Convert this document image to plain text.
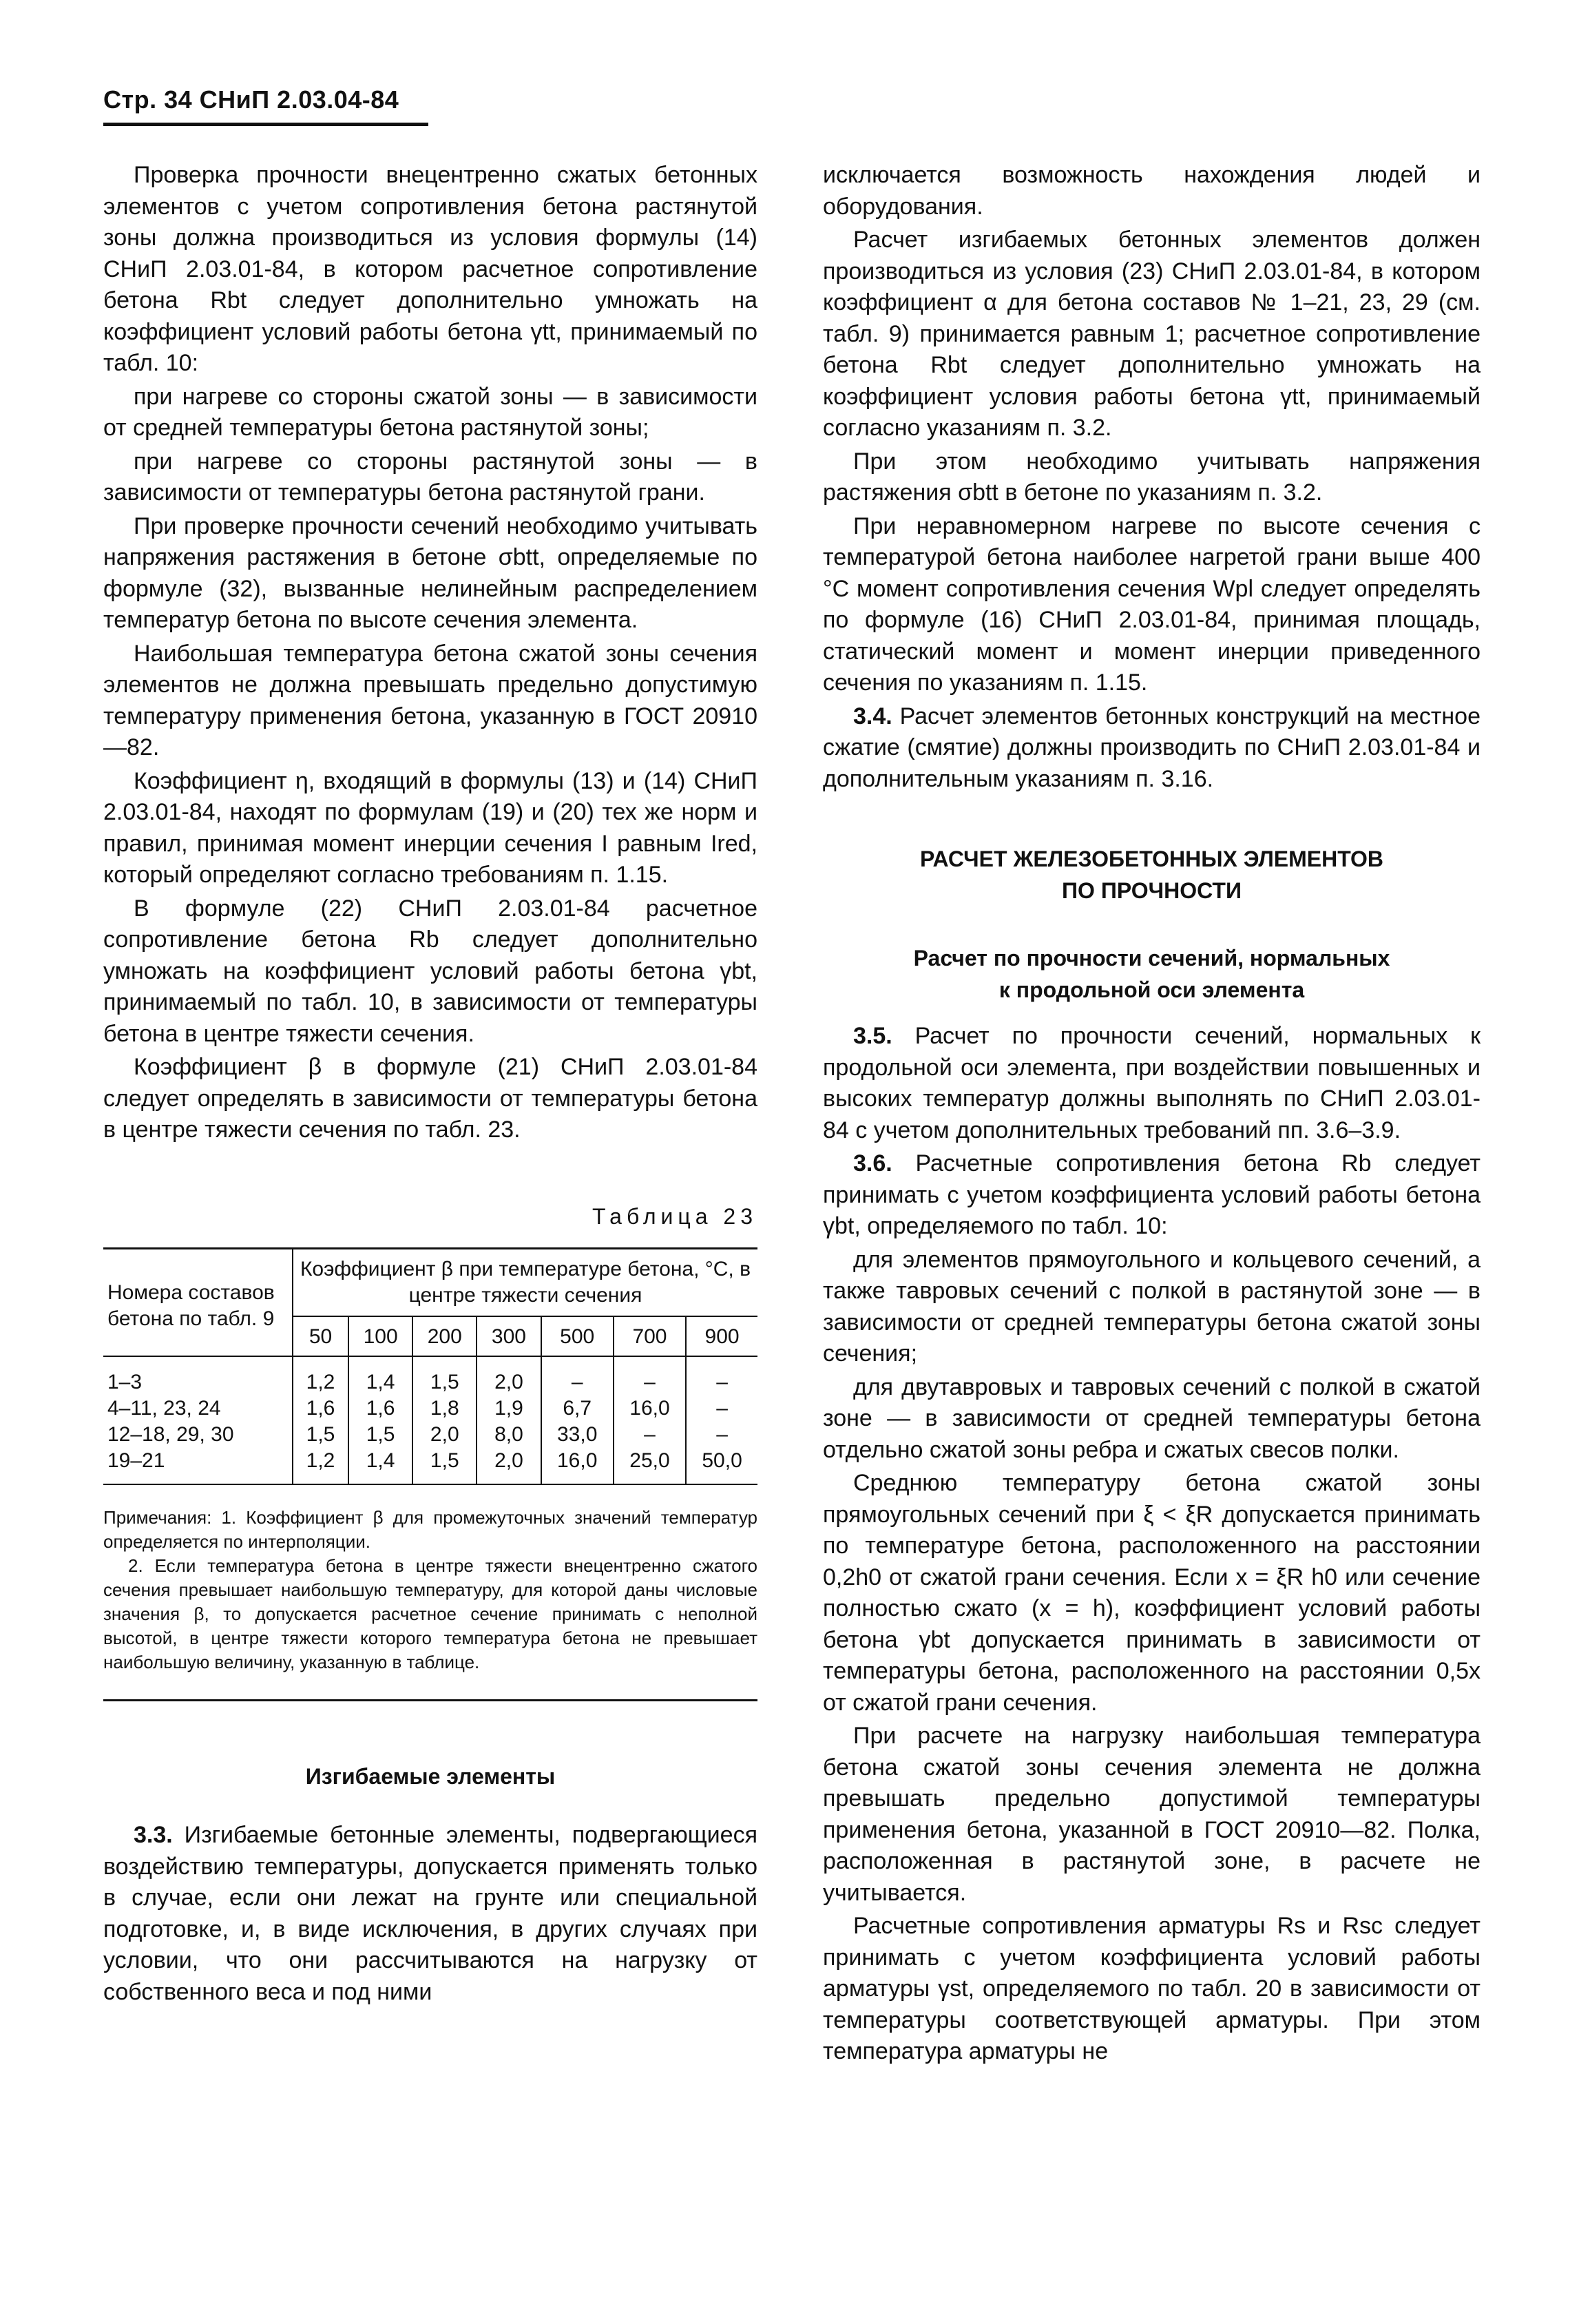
Стр. 34 СНиП 2.03.04-84

Проверка прочности внецентренно сжатых бетонных элементов с учетом сопротивления бетона растянутой зоны должна производиться из условия формулы (14) СНиП 2.03.01-84, в котором расчетное сопротивление бетона Rbt следует дополнительно умножать на коэффициент условий работы бетона γtt, принимаемый по табл. 10:

при нагреве со стороны сжатой зоны — в зависимости от средней температуры бетона растянутой зоны;

при нагреве со стороны растянутой зоны — в зависимости от температуры бетона растянутой грани.

При проверке прочности сечений необходимо учитывать напряжения растяжения в бетоне σbtt, определяемые по формуле (32), вызванные нелинейным распределением температур бетона по высоте сечения элемента.

Наибольшая температура бетона сжатой зоны сечения элементов не должна превышать предельно допустимую температуру применения бетона, указанную в ГОСТ 20910—82.

Коэффициент η, входящий в формулы (13) и (14) СНиП 2.03.01-84, находят по формулам (19) и (20) тех же норм и правил, принимая момент инерции сечения I равным Ired, который определяют согласно требованиям п. 1.15.

В формуле (22) СНиП 2.03.01-84 расчетное сопротивление бетона Rb следует дополнительно умножать на коэффициент условий работы бетона γbt, принимаемый по табл. 10, в зависимости от температуры бетона в центре тяжести сечения.

Коэффициент β в формуле (21) СНиП 2.03.01-84 следует определять в зависимости от температуры бетона в центре тяжести сечения по табл. 23.

Таблица 23
Номера составов бетона по табл. 9	Коэффициент β при температуре бетона, °С, в центре тяжести сечения						
	50	100	200	300	500	700	900

1–3	1,2	1,4	1,5	2,0	–	–	–
4–11, 23, 24	1,6	1,6	1,8	1,9	6,7	16,0	–
12–18, 29, 30	1,5	1,5	2,0	8,0	33,0	–	–
19–21	1,2	1,4	1,5	2,0	16,0	25,0	50,0

Примечания: 1. Коэффициент β для промежуточных значений температур определяется по интерполяции.

2. Если температура бетона в центре тяжести внецентренно сжатого сечения превышает наибольшую температуру, для которой даны числовые значения β, то допускается расчетное сечение принимать с неполной высотой, в центре тяжести которого температура бетона не превышает наибольшую величину, указанную в таблице.

Изгибаемые элементы

3.3. Изгибаемые бетонные элементы, подвергающиеся воздействию температуры, допускается применять только в случае, если они лежат на грунте или специальной подготовке, и, в виде исключения, в других случаях при условии, что они рассчитываются на нагрузку от собственного веса и под ними

исключается возможность нахождения людей и оборудования.

Расчет изгибаемых бетонных элементов должен производиться из условия (23) СНиП 2.03.01-84, в котором коэффициент α для бетона составов № 1–21, 23, 29 (см. табл. 9) принимается равным 1; расчетное сопротивление бетона Rbt следует дополнительно умножать на коэффициент условия работы бетона γtt, принимаемый согласно указаниям п. 3.2.

При этом необходимо учитывать напряжения растяжения σbtt в бетоне по указаниям п. 3.2.

При неравномерном нагреве по высоте сечения с температурой бетона наиболее нагретой грани выше 400 °С момент сопротивления сечения Wpl следует определять по формуле (16) СНиП 2.03.01-84, принимая площадь, статический момент и момент инерции приведенного сечения по указаниям п. 1.15.

3.4. Расчет элементов бетонных конструкций на местное сжатие (смятие) должны производить по СНиП 2.03.01-84 и дополнительным указаниям п. 3.16.

РАСЧЕТ ЖЕЛЕЗОБЕТОННЫХ ЭЛЕМЕНТОВ ПО ПРОЧНОСТИ
Расчет по прочности сечений, нормальных к продольной оси элемента

3.5. Расчет по прочности сечений, нормальных к продольной оси элемента, при воздействии повышенных и высоких температур должны выполнять по СНиП 2.03.01-84 с учетом дополнительных требований пп. 3.6–3.9.

3.6. Расчетные сопротивления бетона Rb следует принимать с учетом коэффициента условий работы бетона γbt, определяемого по табл. 10:

для элементов прямоугольного и кольцевого сечений, а также тавровых сечений с полкой в растянутой зоне — в зависимости от средней температуры бетона сжатой зоны сечения;

для двутавровых и тавровых сечений с полкой в сжатой зоне — в зависимости от средней температуры бетона отдельно сжатой зоны ребра и сжатых свесов полки.

Среднюю температуру бетона сжатой зоны прямоугольных сечений при ξ < ξR допускается принимать по температуре бетона, расположенного на расстоянии 0,2h0 от сжатой грани сечения. Если x = ξR h0 или сечение полностью сжато (x = h), коэффициент условий работы бетона γbt допускается принимать в зависимости от температуры бетона, расположенного на расстоянии 0,5x от сжатой грани сечения.

При расчете на нагрузку наибольшая температура бетона сжатой зоны сечения элемента не должна превышать предельно допустимой температуры применения бетона, указанной в ГОСТ 20910—82. Полка, расположенная в растянутой зоне, в расчете не учитывается.

Расчетные сопротивления арматуры Rs и Rsc следует принимать с учетом коэффициента условий работы арматуры γst, определяемого по табл. 20 в зависимости от температуры соответствующей арматуры. При этом температура арматуры не
